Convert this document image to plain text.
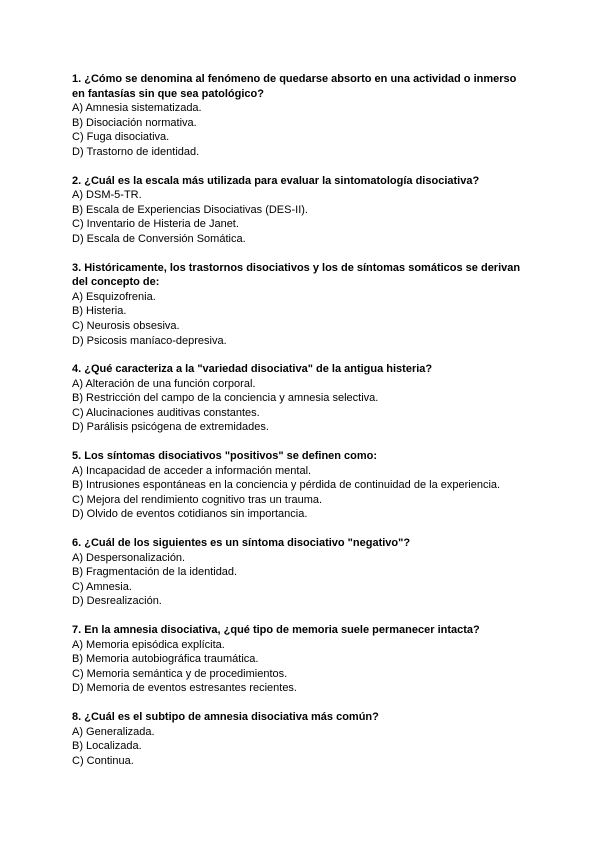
1. ¿Cómo se denomina al fenómeno de quedarse absorto en una actividad o inmerso en fantasías sin que sea patológico?

A) Amnesia sistematizada.
B) Disociación normativa.
C) Fuga disociativa.
D) Trastorno de identidad.

2. ¿Cuál es la escala más utilizada para evaluar la sintomatología disociativa?

A) DSM-5-TR.
B) Escala de Experiencias Disociativas (DES-II).
C) Inventario de Histeria de Janet.
D) Escala de Conversión Somática.

3. Históricamente, los trastornos disociativos y los de síntomas somáticos se derivan del concepto de:

A) Esquizofrenia.
B) Histeria.
C) Neurosis obsesiva.
D) Psicosis maníaco-depresiva.

4. ¿Qué caracteriza a la "variedad disociativa" de la antigua histeria?

A) Alteración de una función corporal.
B) Restricción del campo de la conciencia y amnesia selectiva.
C) Alucinaciones auditivas constantes.
D) Parálisis psicógena de extremidades.

5. Los síntomas disociativos "positivos" se definen como:

A) Incapacidad de acceder a información mental.
B) Intrusiones espontáneas en la conciencia y pérdida de continuidad de la experiencia.
C) Mejora del rendimiento cognitivo tras un trauma.
D) Olvido de eventos cotidianos sin importancia.

6. ¿Cuál de los siguientes es un síntoma disociativo "negativo"?

A) Despersonalización.
B) Fragmentación de la identidad.
C) Amnesia.
D) Desrealización.

7. En la amnesia disociativa, ¿qué tipo de memoria suele permanecer intacta?

A) Memoria episódica explícita.
B) Memoria autobiográfica traumática.
C) Memoria semántica y de procedimientos.
D) Memoria de eventos estresantes recientes.

8. ¿Cuál es el subtipo de amnesia disociativa más común?

A) Generalizada.
B) Localizada.
C) Continua.
